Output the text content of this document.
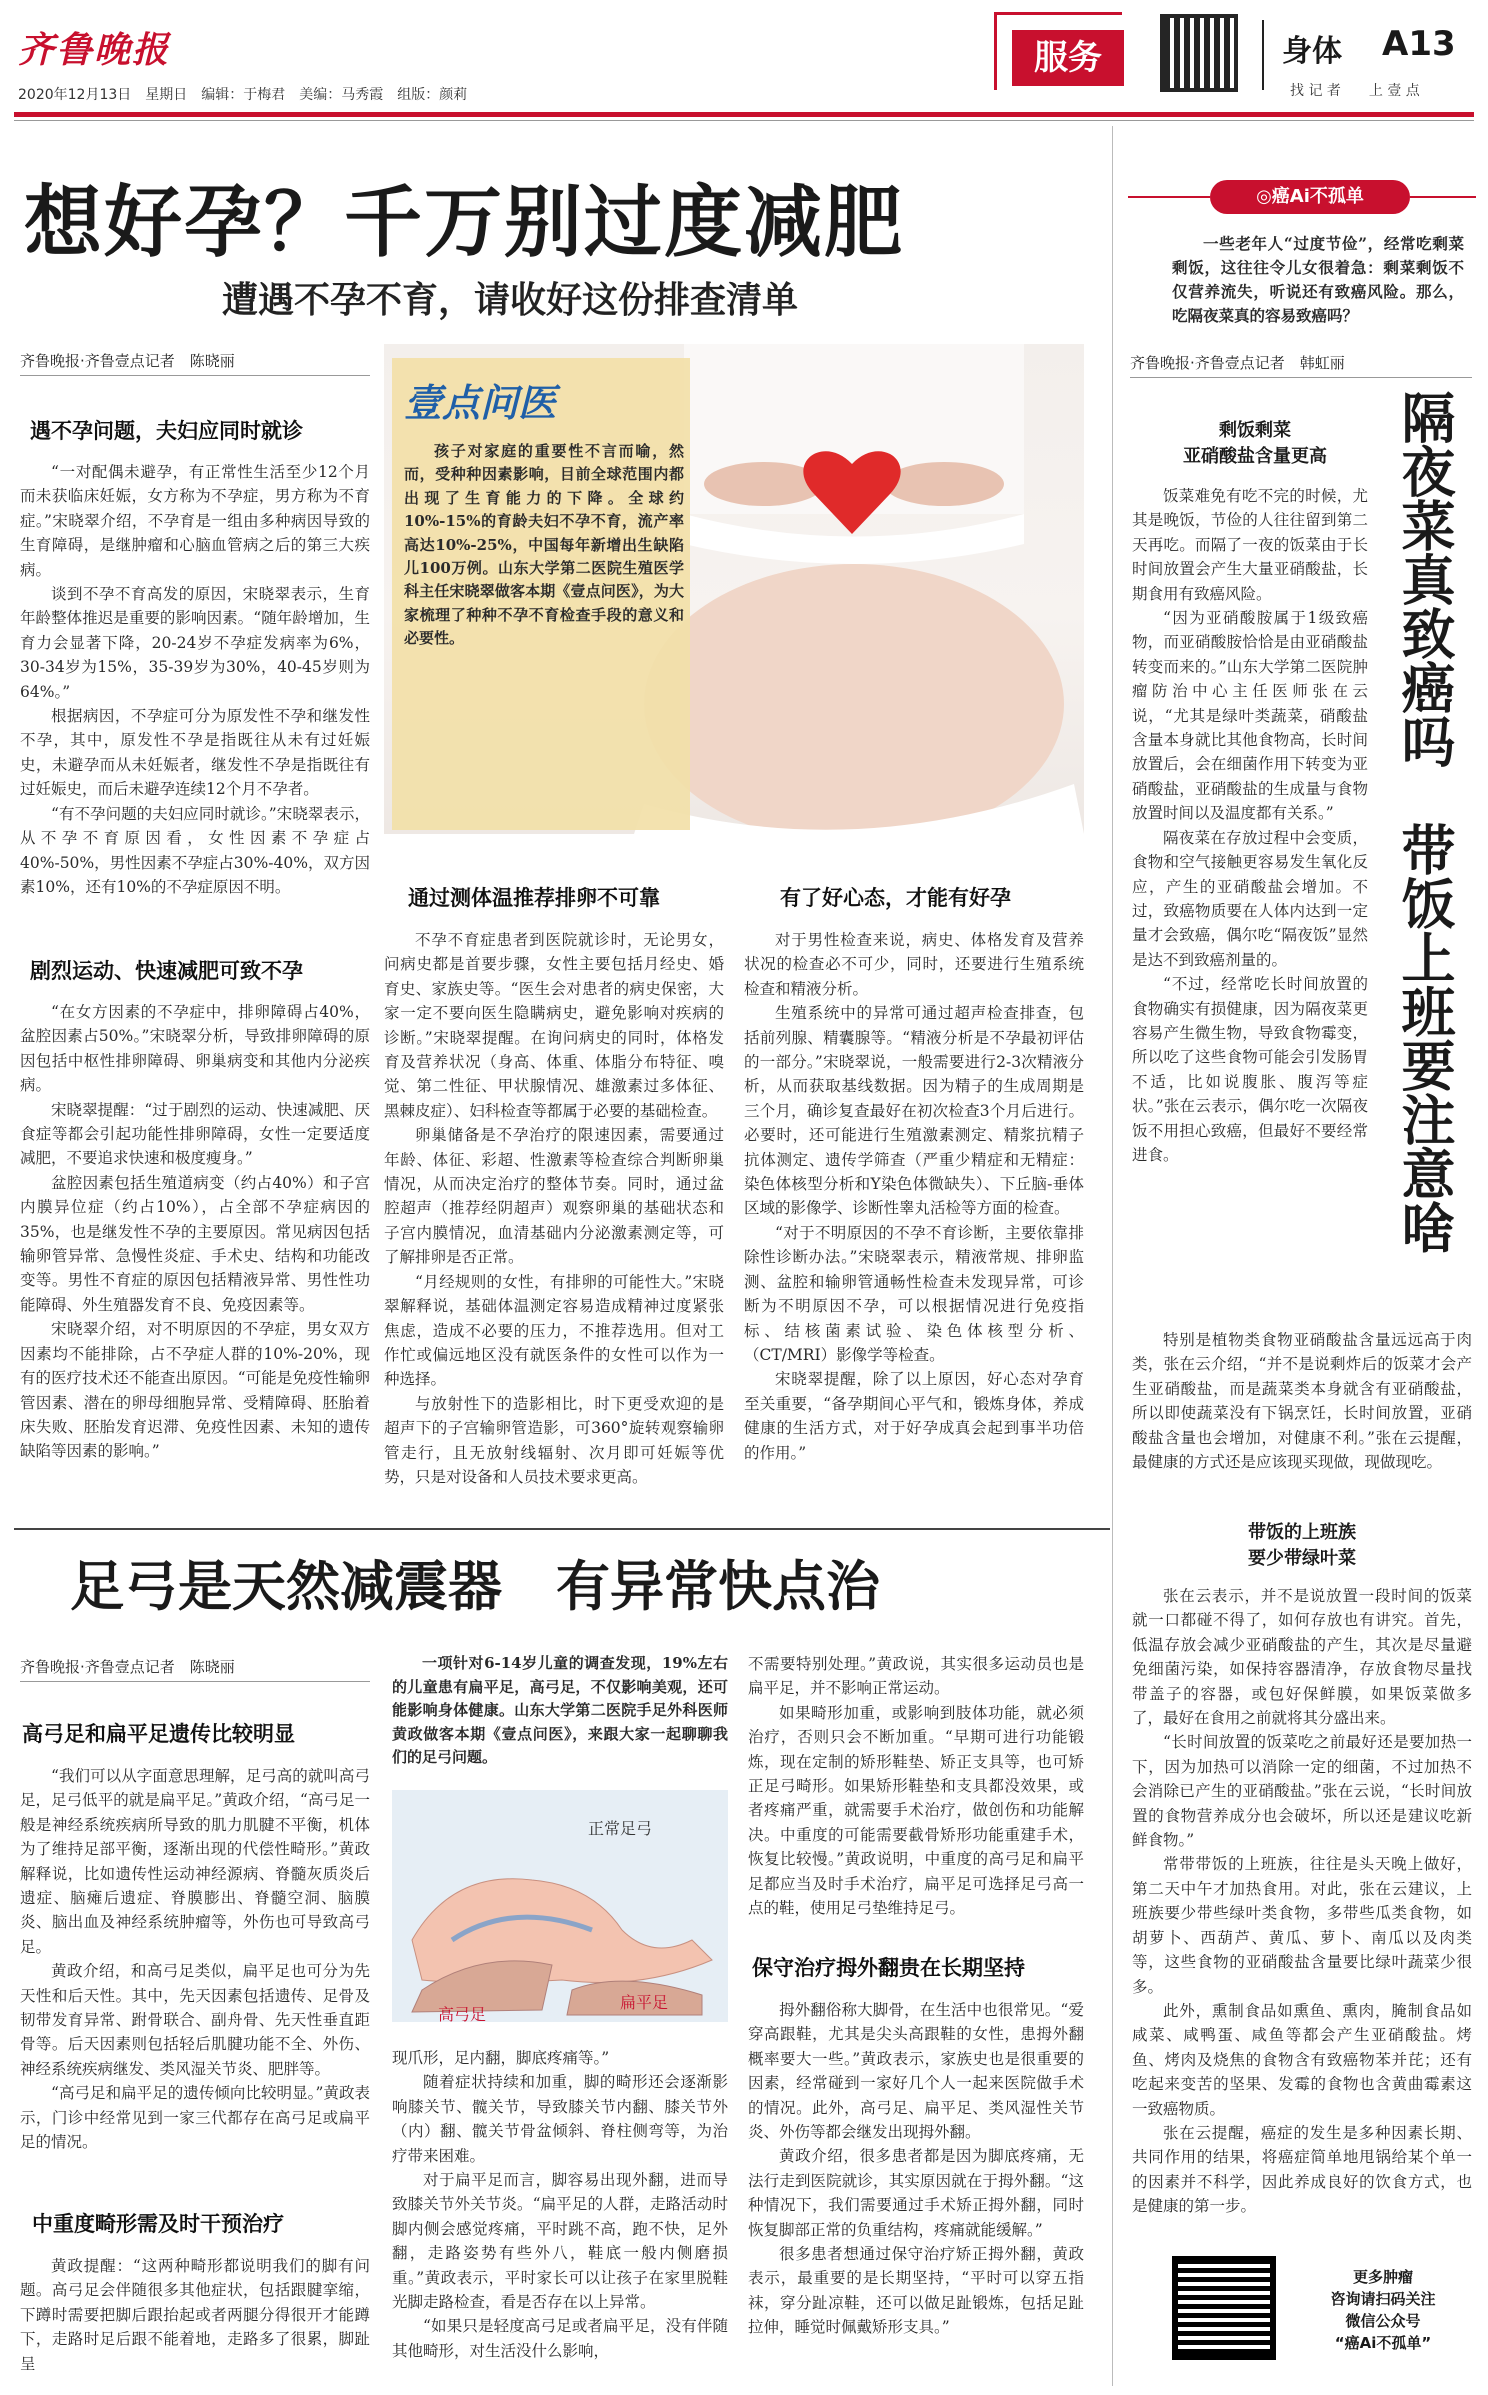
齐鲁晚报
2020年12月13日　星期日　编辑：于梅君　美编：马秀霞　组版：颜莉
服务	身体 A13
找 记 者　　上 壹 点
想好孕？千万别过度减肥
遭遇不孕不育，请收好这份排查清单
齐鲁晚报·齐鲁壹点记者　陈晓丽
遇不孕问题，夫妇应同时就诊

“一对配偶未避孕，有正常性生活至少12个月而未获临床妊娠，女方称为不孕症，男方称为不育症。”宋晓翠介绍，不孕育是一组由多种病因导致的生育障碍，是继肿瘤和心脑血管病之后的第三大疾病。

谈到不孕不育高发的原因，宋晓翠表示，生育年龄整体推迟是重要的影响因素。“随年龄增加，生育力会显著下降，20-24岁不孕症发病率为6%，30-34岁为15%，35-39岁为30%，40-45岁则为64%。”

根据病因，不孕症可分为原发性不孕和继发性不孕，其中，原发性不孕是指既往从未有过妊娠史，未避孕而从未妊娠者，继发性不孕是指既往有过妊娠史，而后未避孕连续12个月不孕者。

“有不孕问题的夫妇应同时就诊。”宋晓翠表示，从不孕不育原因看，女性因素不孕症占40%-50%，男性因素不孕症占30%-40%，双方因素10%，还有10%的不孕症原因不明。

剧烈运动、快速减肥可致不孕

“在女方因素的不孕症中，排卵障碍占40%，盆腔因素占50%。”宋晓翠分析，导致排卵障碍的原因包括中枢性排卵障碍、卵巢病变和其他内分泌疾病。

宋晓翠提醒：“过于剧烈的运动、快速减肥、厌食症等都会引起功能性排卵障碍，女性一定要适度减肥，不要追求快速和极度瘦身。”

盆腔因素包括生殖道病变（约占40%）和子宫内膜异位症（约占10%），占全部不孕症病因的35%，也是继发性不孕的主要原因。常见病因包括输卵管异常、急慢性炎症、手术史、结构和功能改变等。男性不育症的原因包括精液异常、男性性功能障碍、外生殖器发育不良、免疫因素等。

宋晓翠介绍，对不明原因的不孕症，男女双方因素均不能排除，占不孕症人群的10%-20%，现有的医疗技术还不能查出原因。“可能是免疫性输卵管因素、潜在的卵母细胞异常、受精障碍、胚胎着床失败、胚胎发育迟滞、免疫性因素、未知的遗传缺陷等因素的影响。”

壹点问医
孩子对家庭的重要性不言而喻，然而，受种种因素影响，目前全球范围内都出现了生育能力的下降。全球约10%-15%的育龄夫妇不孕不育，流产率高达10%-25%，中国每年新增出生缺陷儿100万例。山东大学第二医院生殖医学科主任宋晓翠做客本期《壹点问医》，为大家梳理了种种不孕不育检查手段的意义和必要性。
通过测体温推荐排卵不可靠

不孕不育症患者到医院就诊时，无论男女，问病史都是首要步骤，女性主要包括月经史、婚育史、家族史等。“医生会对患者的病史保密，大家一定不要向医生隐瞒病史，避免影响对疾病的诊断。”宋晓翠提醒。在询问病史的同时，体格发育及营养状况（身高、体重、体脂分布特征、嗅觉、第二性征、甲状腺情况、雄激素过多体征、黑棘皮症）、妇科检查等都属于必要的基础检查。

卵巢储备是不孕治疗的限速因素，需要通过年龄、体征、彩超、性激素等检查综合判断卵巢情况，从而决定治疗的整体节奏。同时，通过盆腔超声（推荐经阴超声）观察卵巢的基础状态和子宫内膜情况，血清基础内分泌激素测定等，可了解排卵是否正常。

“月经规则的女性，有排卵的可能性大。”宋晓翠解释说，基础体温测定容易造成精神过度紧张焦虑，造成不必要的压力，不推荐选用。但对工作忙或偏远地区没有就医条件的女性可以作为一种选择。

与放射性下的造影相比，时下更受欢迎的是超声下的子宫输卵管造影，可360°旋转观察输卵管走行，且无放射线辐射、次月即可妊娠等优势，只是对设备和人员技术要求更高。

有了好心态，才能有好孕

对于男性检查来说，病史、体格发育及营养状况的检查必不可少，同时，还要进行生殖系统检查和精液分析。

生殖系统中的异常可通过超声检查排查，包括前列腺、精囊腺等。“精液分析是不孕最初评估的一部分。”宋晓翠说，一般需要进行2-3次精液分析，从而获取基线数据。因为精子的生成周期是三个月，确诊复查最好在初次检查3个月后进行。必要时，还可能进行生殖激素测定、精浆抗精子抗体测定、遗传学筛查（严重少精症和无精症：染色体核型分析和Y染色体微缺失）、下丘脑-垂体区域的影像学、诊断性睾丸活检等方面的检查。

“对于不明原因的不孕不育诊断，主要依靠排除性诊断办法。”宋晓翠表示，精液常规、排卵监测、盆腔和输卵管通畅性检查未发现异常，可诊断为不明原因不孕，可以根据情况进行免疫指标、结核菌素试验、染色体核型分析、（CT/MRI）影像学等检查。

宋晓翠提醒，除了以上原因，好心态对孕育至关重要，“备孕期间心平气和，锻炼身体，养成健康的生活方式，对于好孕成真会起到事半功倍的作用。”

足弓是天然减震器　有异常快点治
齐鲁晚报·齐鲁壹点记者　陈晓丽
高弓足和扁平足遗传比较明显

“我们可以从字面意思理解，足弓高的就叫高弓足，足弓低平的就是扁平足。”黄政介绍，“高弓足一般是神经系统疾病所导致的肌力肌腱不平衡，机体为了维持足部平衡，逐渐出现的代偿性畸形。”黄政解释说，比如遗传性运动神经源病、脊髓灰质炎后遗症、脑瘫后遗症、脊膜膨出、脊髓空洞、脑膜炎、脑出血及神经系统肿瘤等，外伤也可导致高弓足。

黄政介绍，和高弓足类似，扁平足也可分为先天性和后天性。其中，先天因素包括遗传、足骨及韧带发育异常、跗骨联合、副舟骨、先天性垂直距骨等。后天因素则包括轻后肌腱功能不全、外伤、神经系统疾病继发、类风湿关节炎、肥胖等。

“高弓足和扁平足的遗传倾向比较明显。”黄政表示，门诊中经常见到一家三代都存在高弓足或扁平足的情况。

中重度畸形需及时干预治疗

黄政提醒：“这两种畸形都说明我们的脚有问题。高弓足会伴随很多其他症状，包括跟腱挛缩，下蹲时需要把脚后跟抬起或者两腿分得很开才能蹲下，走路时足后跟不能着地，走路多了很累，脚趾呈

一项针对6-14岁儿童的调查发现，19%左右的儿童患有扁平足，高弓足，不仅影响美观，还可能影响身体健康。山东大学第二医院手足外科医师黄政做客本期《壹点问医》，来跟大家一起聊聊我们的足弓问题。
正常足弓
高弓足
扁平足

现爪形，足内翻，脚底疼痛等。”

随着症状持续和加重，脚的畸形还会逐渐影响膝关节、髋关节，导致膝关节内翻、膝关节外（内）翻、髋关节骨盆倾斜、脊柱侧弯等，为治疗带来困难。

对于扁平足而言，脚容易出现外翻，进而导致膝关节外关节炎。“扁平足的人群，走路活动时脚内侧会感觉疼痛，平时跳不高，跑不快，足外翻，走路姿势有些外八，鞋底一般内侧磨损重。”黄政表示，平时家长可以让孩子在家里脱鞋光脚走路检查，看是否存在以上异常。

“如果只是轻度高弓足或者扁平足，没有伴随其他畸形，对生活没什么影响，

不需要特别处理。”黄政说，其实很多运动员也是扁平足，并不影响正常运动。

如果畸形加重，或影响到肢体功能，就必须治疗，否则只会不断加重。“早期可进行功能锻炼，现在定制的矫形鞋垫、矫正支具等，也可矫正足弓畸形。如果矫形鞋垫和支具都没效果，或者疼痛严重，就需要手术治疗，做创伤和功能解决。中重度的可能需要截骨矫形功能重建手术，恢复比较慢。”黄政说明，中重度的高弓足和扁平足都应当及时手术治疗，扁平足可选择足弓高一点的鞋，使用足弓垫维持足弓。

保守治疗拇外翻贵在长期坚持

拇外翻俗称大脚骨，在生活中也很常见。“爱穿高跟鞋，尤其是尖头高跟鞋的女性，患拇外翻概率要大一些。”黄政表示，家族史也是很重要的因素，经常碰到一家好几个人一起来医院做手术的情况。此外，高弓足、扁平足、类风湿性关节炎、外伤等都会继发出现拇外翻。

黄政介绍，很多患者都是因为脚底疼痛，无法行走到医院就诊，其实原因就在于拇外翻。“这种情况下，我们需要通过手术矫正拇外翻，同时恢复脚部正常的负重结构，疼痛就能缓解。”

很多患者想通过保守治疗矫正拇外翻，黄政表示，最重要的是长期坚持，“平时可以穿五指袜，穿分趾凉鞋，还可以做足趾锻炼，包括足趾拉伸，睡觉时佩戴矫形支具。”

◎癌Ai不孤单
一些老年人“过度节俭”，经常吃剩菜剩饭，这往往令儿女很着急：剩菜剩饭不仅营养流失，听说还有致癌风险。那么，吃隔夜菜真的容易致癌吗？
齐鲁晚报·齐鲁壹点记者　韩虹丽
隔夜菜真致癌吗　带饭上班要注意啥
剩饭剩菜
亚硝酸盐含量更高

饭菜难免有吃不完的时候，尤其是晚饭，节俭的人往往留到第二天再吃。而隔了一夜的饭菜由于长时间放置会产生大量亚硝酸盐，长期食用有致癌风险。

“因为亚硝酸胺属于1级致癌物，而亚硝酸胺恰恰是由亚硝酸盐转变而来的。”山东大学第二医院肿瘤防治中心主任医师张在云说，“尤其是绿叶类蔬菜，硝酸盐含量本身就比其他食物高，长时间放置后，会在细菌作用下转变为亚硝酸盐，亚硝酸盐的生成量与食物放置时间以及温度都有关系。”

隔夜菜在存放过程中会变质，食物和空气接触更容易发生氧化反应，产生的亚硝酸盐会增加。不过，致癌物质要在人体内达到一定量才会致癌，偶尔吃“隔夜饭”显然是达不到致癌剂量的。

“不过，经常吃长时间放置的食物确实有损健康，因为隔夜菜更容易产生微生物，导致食物霉变，所以吃了这些食物可能会引发肠胃不适，比如说腹胀、腹泻等症状。”张在云表示，偶尔吃一次隔夜饭不用担心致癌，但最好不要经常进食。

特别是植物类食物亚硝酸盐含量远远高于肉类，张在云介绍，“并不是说剩炸后的饭菜才会产生亚硝酸盐，而是蔬菜类本身就含有亚硝酸盐，所以即使蔬菜没有下锅烹饪，长时间放置，亚硝酸盐含量也会增加，对健康不利。”张在云提醒，最健康的方式还是应该现买现做，现做现吃。

带饭的上班族
要少带绿叶菜

张在云表示，并不是说放置一段时间的饭菜就一口都碰不得了，如何存放也有讲究。首先，低温存放会减少亚硝酸盐的产生，其次是尽量避免细菌污染，如保持容器清净，存放食物尽量找带盖子的容器，或包好保鲜膜，如果饭菜做多了，最好在食用之前就将其分盛出来。

“长时间放置的饭菜吃之前最好还是要加热一下，因为加热可以消除一定的细菌，不过加热不会消除已产生的亚硝酸盐。”张在云说，“长时间放置的食物营养成分也会破坏，所以还是建议吃新鲜食物。”

常带带饭的上班族，往往是头天晚上做好，第二天中午才加热食用。对此，张在云建议，上班族要少带些绿叶类食物，多带些瓜类食物，如胡萝卜、西葫芦、黄瓜、萝卜、南瓜以及肉类等，这些食物的亚硝酸盐含量要比绿叶蔬菜少很多。

此外，熏制食品如熏鱼、熏肉，腌制食品如咸菜、咸鸭蛋、咸鱼等都会产生亚硝酸盐。烤鱼、烤肉及烧焦的食物含有致癌物苯并芘；还有吃起来变苦的坚果、发霉的食物也含黄曲霉素这一致癌物质。

张在云提醒，癌症的发生是多种因素长期、共同作用的结果，将癌症简单地甩锅给某个单一的因素并不科学，因此养成良好的饮食方式，也是健康的第一步。

更多肿瘤
咨询请扫码关注
微信公众号
“癌Ai不孤单”
